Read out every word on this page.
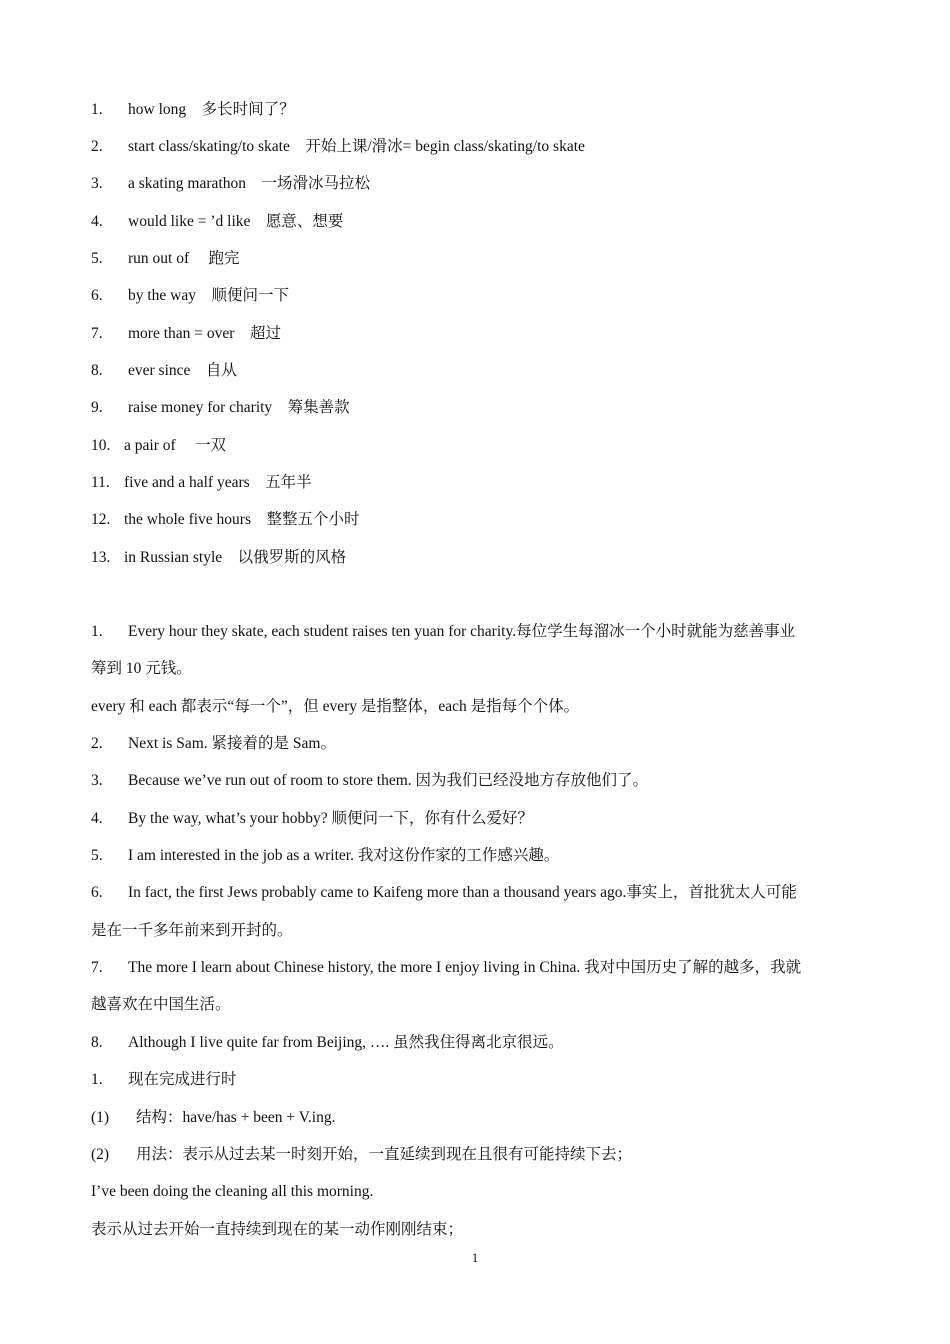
1. how long　多长时间了？
2. start class/skating/to skate　开始上课/滑冰= begin class/skating/to skate
3. a skating marathon　一场滑冰马拉松
4. would like = ’d like　愿意、想要
5. run out of　 跑完
6. by the way　顺便问一下
7. more than = over　超过
8. ever since　自从
9. raise money for charity　筹集善款
10. a pair of　 一双
11. five and a half years　五年半
12. the whole five hours　整整五个小时
13. in Russian style　以俄罗斯的风格
1. Every hour they skate, each student raises ten yuan for charity.每位学生每溜冰一个小时就能为慈善事业
筹到 10 元钱。
every 和 each 都表示“每一个”，但 every 是指整体，each 是指每个个体。
2. Next is Sam. 紧接着的是 Sam。
3. Because we’ve run out of room to store them. 因为我们已经没地方存放他们了。
4. By the way, what’s your hobby? 顺便问一下，你有什么爱好？
5. I am interested in the job as a writer. 我对这份作家的工作感兴趣。
6. In fact, the first Jews probably came to Kaifeng more than a thousand years ago.事实上，首批犹太人可能
是在一千多年前来到开封的。
7. The more I learn about Chinese history, the more I enjoy living in China. 我对中国历史了解的越多，我就
越喜欢在中国生活。
8. Although I live quite far from Beijing, …. 虽然我住得离北京很远。
1. 现在完成进行时
(1) 结构：have/has + been + V.ing.
(2) 用法：表示从过去某一时刻开始，一直延续到现在且很有可能持续下去；
I’ve been doing the cleaning all this morning.
表示从过去开始一直持续到现在的某一动作刚刚结束；
1
